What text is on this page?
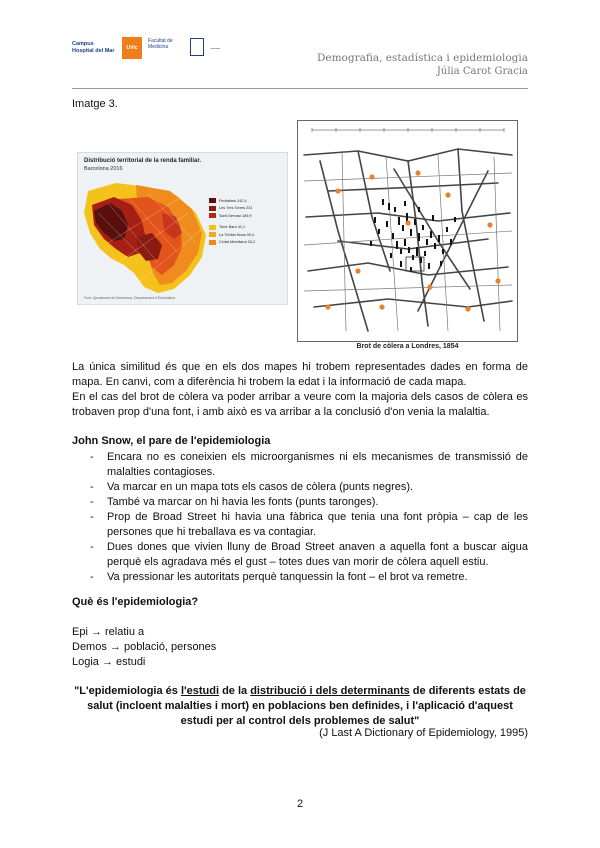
Campus Hospital del Mar	UVic
Facultat de Medicina	⁓⁓
Demografia, estadística i epidemiologia
Júlia Carot Gracia
Imatge 3.
Distribució territorial de la renda familiar.
Barcelona 2016
Pedralbes 242,4
Les Tres Torres 231
Sant Gervasi 189,9
Torre Baró 41,1
La Trinitat Nova 39,4
Ciutat Meridiana 34,2
Font: Ajuntament de Barcelona. Departament d'Estadística
Brot de còlera a Londres, 1854

La única similitud és que en els dos mapes hi trobem representades dades en forma de mapa. En canvi, com a diferència hi trobem la edat i la informació de cada mapa.

En el cas del brot de còlera va poder arribar a veure com la majoria dels casos de còlera es trobaven prop d'una font, i amb això es va arribar a la conclusió d'on venia la malaltia.

John Snow, el pare de l'epidemiologia
- Encara no es coneixien els microorganismes ni els mecanismes de transmissió de malalties contagioses.
- Va marcar en un mapa tots els casos de còlera (punts negres).
- També va marcar on hi havia les fonts (punts taronges).
- Prop de Broad Street hi havia una fàbrica que tenia una font pròpia – cap de les persones que hi treballava es va contagiar.
- Dues dones que vivien lluny de Broad Street anaven a aquella font a buscar aigua perquè els agradava més el gust – totes dues van morir de còlera aquell estiu.
- Va pressionar les autoritats perquè tanquessin la font – el brot va remetre.
Què és l'epidemiologia?
Epi → relatiu a
Demos → població, persones
Logia → estudi
"L'epidemiologia és l'estudi de la distribució i dels determinants de diferents estats de salut (incloent malalties i mort) en poblacions ben definides, i l'aplicació d'aquest estudi per al control dels problemes de salut"
(J Last A Dictionary of Epidemiology, 1995)
2
